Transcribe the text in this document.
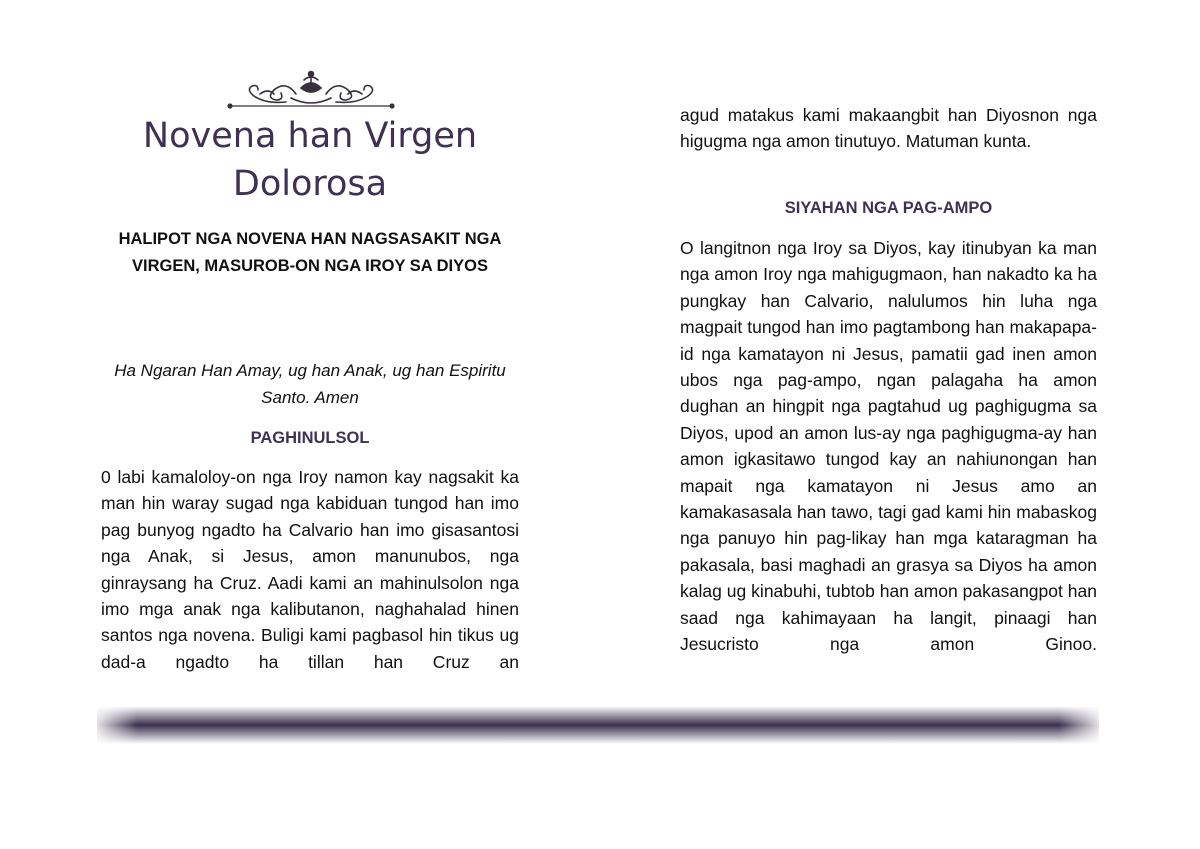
Novena han Virgen Dolorosa

HALIPOT NGA NOVENA HAN NAGSASAKIT NGA
VIRGEN, MASUROB-ON NGA IROY SA DIYOS

Ha Ngaran Han Amay, ug han Anak, ug han Espiritu Santo. Amen

PAGHINULSOL

0 labi kamaloloy-on nga Iroy namon kay nagsakit ka man hin waray sugad nga kabiduan tungod han imo pag bunyog ngadto ha Calvario han imo gisasantosi nga Anak, si Jesus, amon manunubos, nga ginraysang ha Cruz. Aadi kami an mahinulsolon nga imo mga anak nga kalibutanon, naghahalad hinen santos nga novena. Buligi kami pagbasol hin tikus ug dad-a ngadto ha tillan han Cruz an

agud matakus kami makaangbit han Diyosnon nga higugma nga amon tinutuyo. Matuman kunta.

SIYAHAN NGA PAG-AMPO

O langitnon nga Iroy sa Diyos, kay itinubyan ka man nga amon Iroy nga mahigugmaon, han nakadto ka ha pungkay han Calvario, nalulumos hin luha nga magpait tungod han imo pagtambong han makapapa-id nga kamatayon ni Jesus, pamatii gad inen amon ubos nga pag-ampo, ngan palagaha ha amon dughan an hingpit nga pagtahud ug paghigugma sa Diyos, upod an amon lus-ay nga paghigugma-ay han amon igkasitawo tungod kay an nahiunongan han mapait nga kamatayon ni Jesus amo an kamakasasala han tawo, tagi gad kami hin mabaskog nga panuyo hin pag-likay han mga kataragman ha pakasala, basi maghadi an grasya sa Diyos ha amon kalag ug kinabuhi, tubtob han amon pakasangpot han saad nga kahimayaan ha langit, pinaagi han Jesucristo nga amon Ginoo.
